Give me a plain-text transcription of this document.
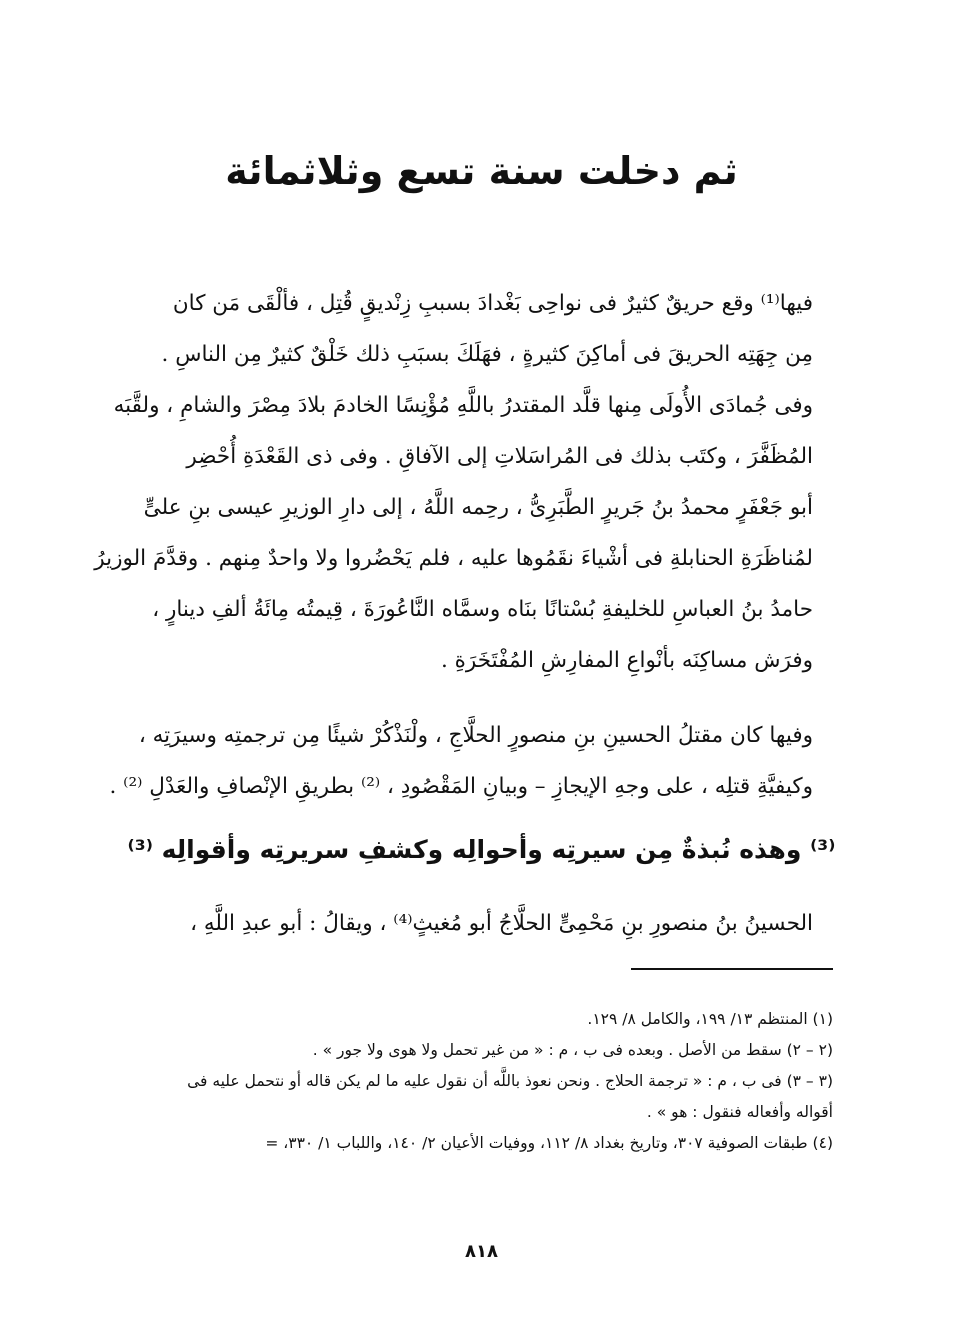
ثم دخلت سنة تسع وثلاثمائة
فيها⁽¹⁾ وقع حريقٌ كثيرٌ فى نواحِى بَغْدادَ بسببِ زِنْديقٍ قُتِل ، فألْقَى مَن كان
مِن جِهَتِه الحريقَ فى أماكِنَ كثيرةٍ ، فهَلَكَ بسبَبِ ذلك خَلْقٌ كثيرٌ مِن الناسِ .
وفى جُمادَى الأُولَى مِنها قلَّد المقتدرُ باللَّهِ مُؤْنِسًا الخادمَ بلادَ مِصْرَ والشامِ ، ولقَّبَه
المُظَفَّرَ ، وكتَب بذلك فى المُراسَلاتِ إلى الآفاقِ . وفى ذى القَعْدَةِ أُحْضِر
أبو جَعْفَرٍ محمدُ بنُ جَريرٍ الطَّبَرِىُّ ، رحِمه اللَّهُ ، إلى دارِ الوزيرِ عيسى بنِ علىٍّ
لمُناظَرَةِ الحنابلةِ فى أشْياءَ نقَمُوها عليه ، فلم يَحْضُروا ولا واحدٌ مِنهم . وقدَّمَ الوزيرُ
حامدُ بنُ العباسِ للخليفةِ بُسْتانًا بنَاه وسمَّاه النَّاعُورَةَ ، قِيمتُه مِائَةُ ألفِ دينارٍ ،
وفرَش مساكِنَه بأنْواعِ المفارِشِ المُفْتَخَرَةِ .
وفيها كان مقتلُ الحسينِ بنِ منصورٍ الحلَّاجِ ، ولْنَذْكُرْ شيئًا مِن ترجمتِه وسيرَتِه ،
وكيفيَّةِ قتلِه ، على وجهِ الإيجازِ – وبيانِ المَقْصُودِ ، ⁽²⁾ بطريقِ الإنْصافِ والعَدْلِ ⁽²⁾ .
⁽³⁾ وهذه نُبذةٌ مِن سيرتِه وأحوالِه وكشفِ سريرتِه وأقوالِه ⁽³⁾
الحسينُ بنُ منصورِ بنِ مَحْمِىٍّ الحلَّاجُ أبو مُغيثٍ⁽⁴⁾ ، ويقالُ : أبو عبدِ اللَّهِ ،
(١) المنتظم ١٣/ ١٩٩، والكامل ٨/ ١٢٩.
(٢ – ٢) سقط من الأصل . وبعده فى ب ، م : « من غير تحمل ولا هوى ولا جور » .
(٣ – ٣) فى ب ، م : « ترجمة الحلاج . ونحن نعوذ باللَّه أن نقول عليه ما لم يكن قاله أو نتحمل عليه فى
أقواله وأفعاله فنقول : هو » .
(٤) طبقات الصوفية ٣٠٧، وتاريخ بغداد ٨/ ١١٢، ووفيات الأعيان ٢/ ١٤٠، واللباب ١/ ٣٣٠، =
٨١٨
